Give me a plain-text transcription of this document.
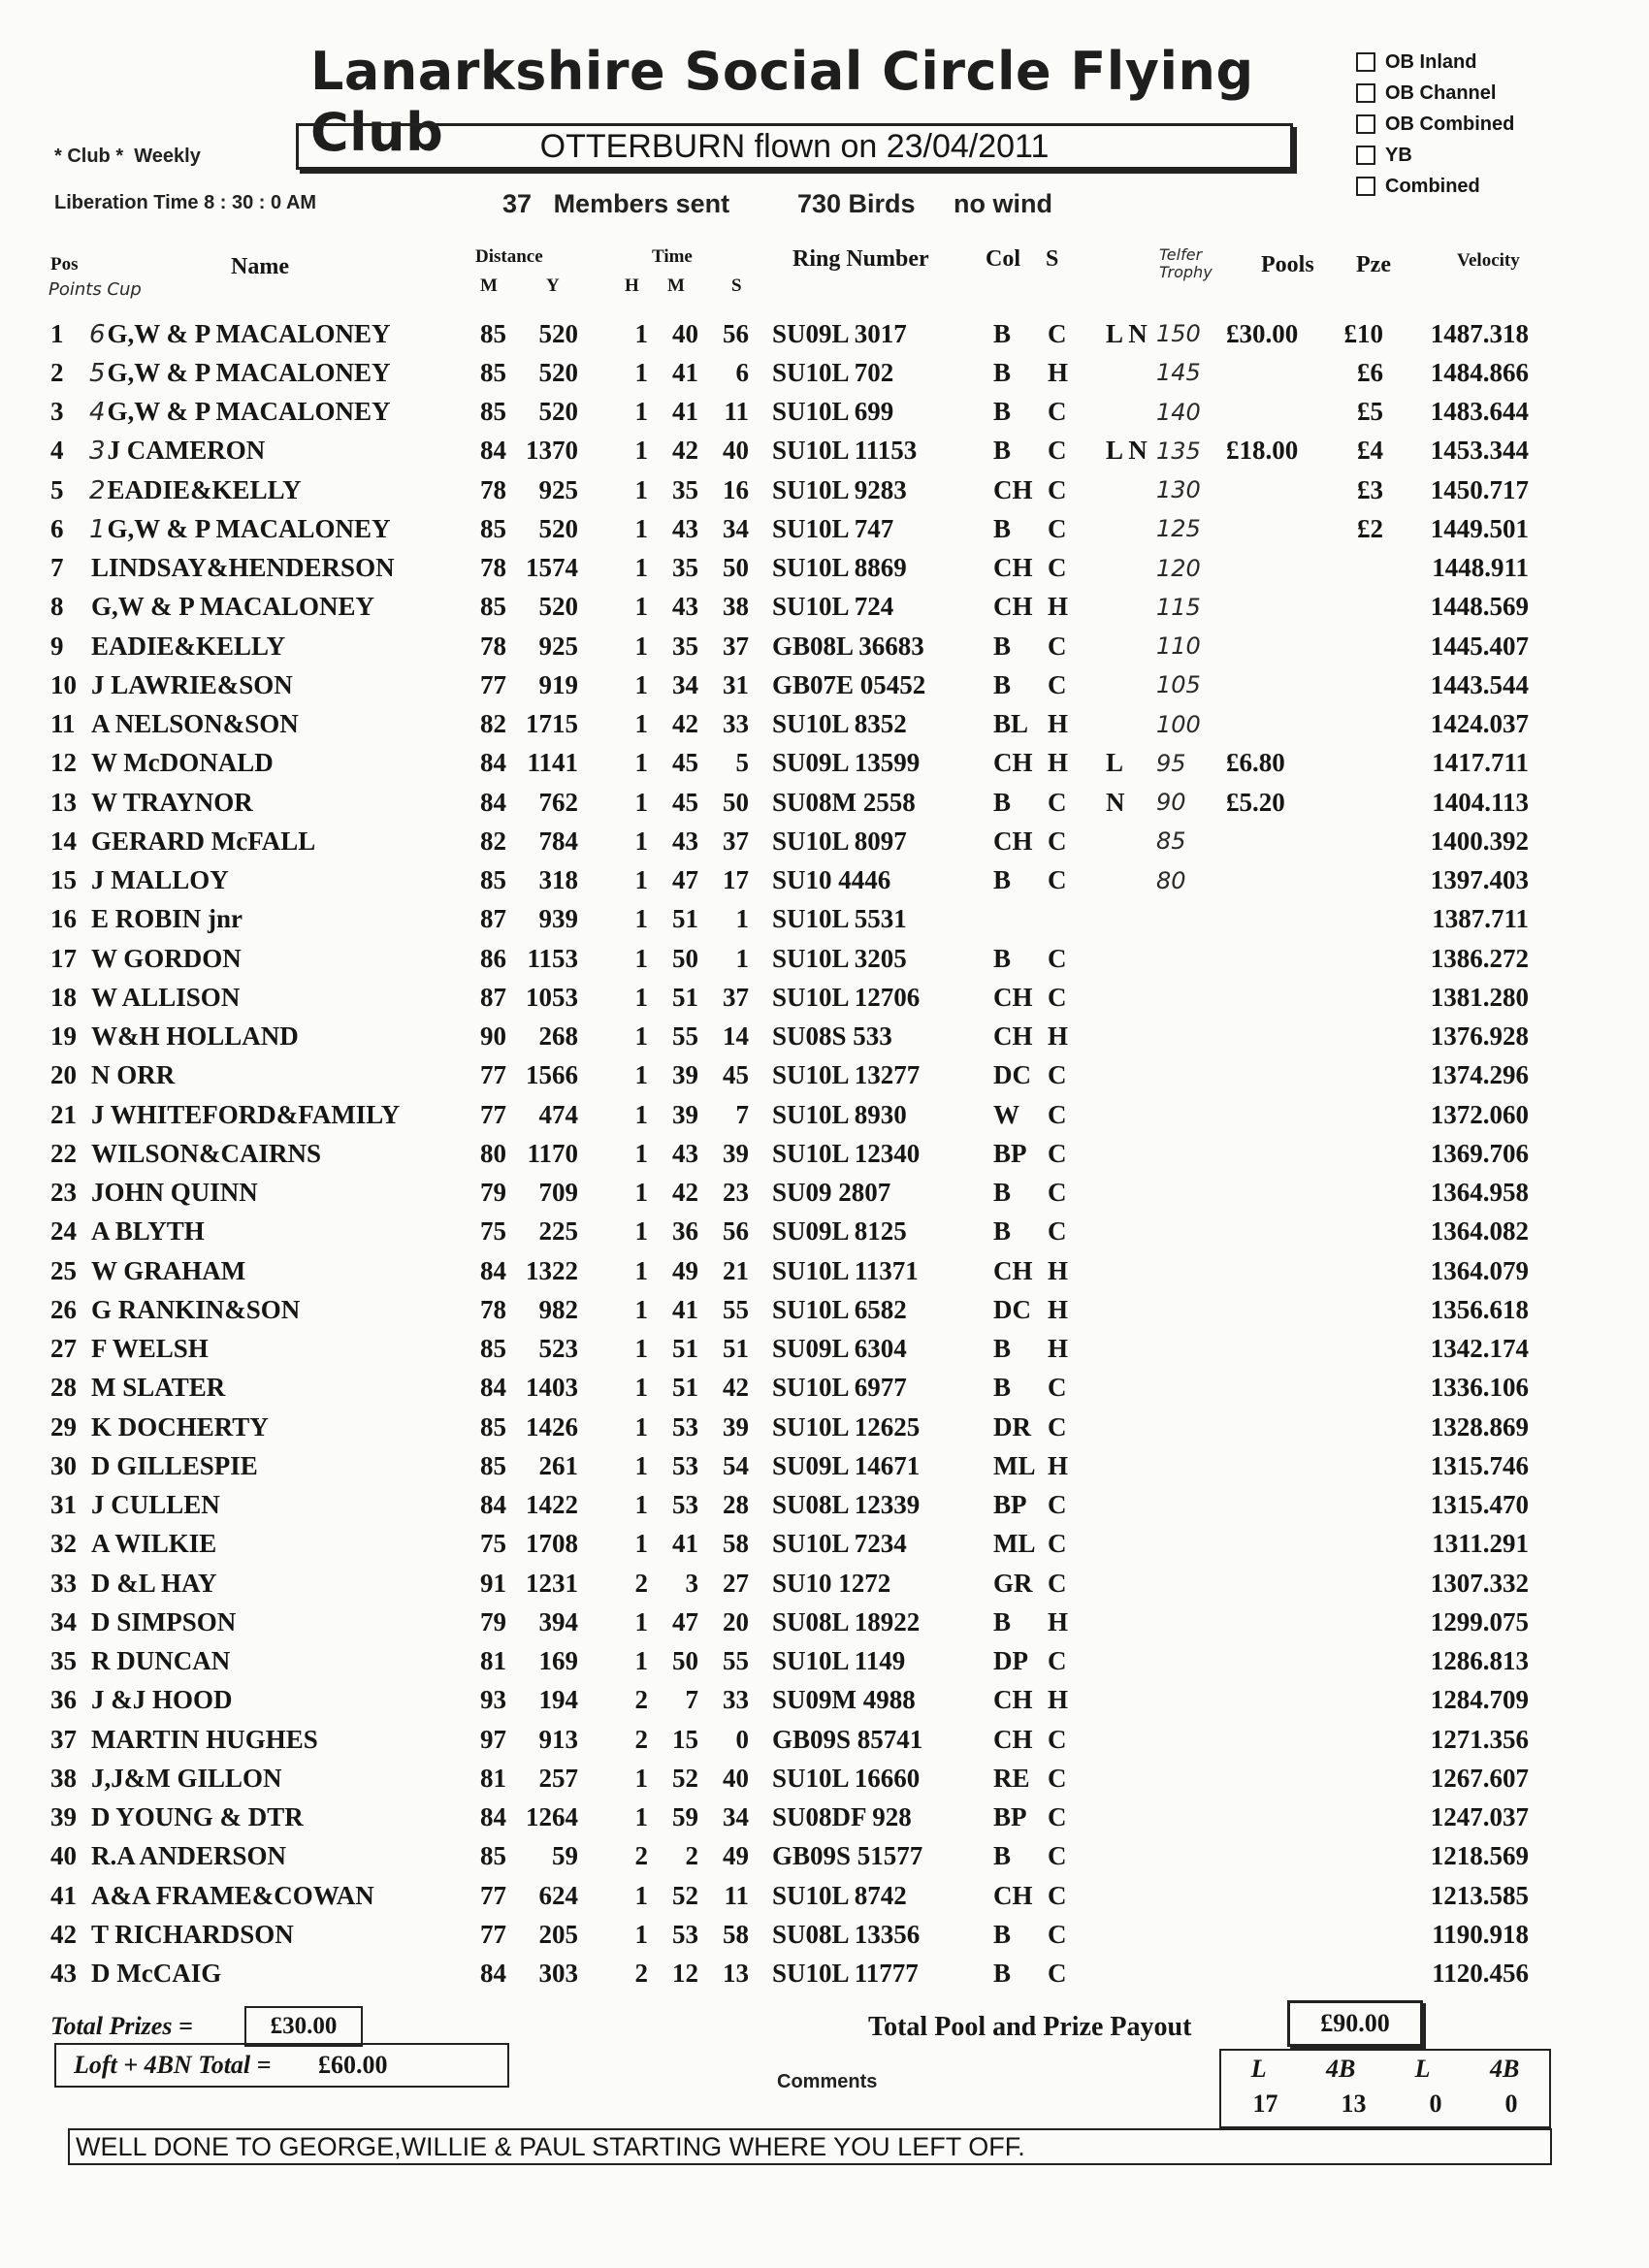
Lanarkshire Social Circle Flying Club
OB Inland
OB Channel
OB Combined
YB
Combined
* Club * Weekly	OTTERBURN flown on 23/04/2011
Liberation Time 8 : 30 : 0 AM	37 Members sent	730 Birds no wind
Pos
Points Cup
Name	Distance
M	Y
Time
H M	S
Ring Number Col S	Telfer Trophy	Pools Pze	Velocity
1	6G,W & P MACALONEY	85	520	1	40	56	SU09L 3017	B	C	L N	150	£30.00	£10	1487.318
2	5G,W & P MACALONEY	85	520	1	41	6	SU10L 702	B	H		145		£6	1484.866
3	4G,W & P MACALONEY	85	520	1	41	11	SU10L 699	B	C		140		£5	1483.644
4	3J CAMERON	84	1370	1	42	40	SU10L 11153	B	C	L N	135	£18.00	£4	1453.344
5	2EADIE&KELLY	78	925	1	35	16	SU10L 9283	CH	C		130		£3	1450.717
6	1G,W & P MACALONEY	85	520	1	43	34	SU10L 747	B	C		125		£2	1449.501
7	LINDSAY&HENDERSON	78	1574	1	35	50	SU10L 8869	CH	C		120			1448.911
8	G,W & P MACALONEY	85	520	1	43	38	SU10L 724	CH	H		115			1448.569
9	EADIE&KELLY	78	925	1	35	37	GB08L 36683	B	C		110			1445.407
10	J LAWRIE&SON	77	919	1	34	31	GB07E 05452	B	C		105			1443.544
11	A NELSON&SON	82	1715	1	42	33	SU10L 8352	BL	H		100			1424.037
12	W McDONALD	84	1141	1	45	5	SU09L 13599	CH	H	L	95	£6.80		1417.711
13	W TRAYNOR	84	762	1	45	50	SU08M 2558	B	C	N	90	£5.20		1404.113
14	GERARD McFALL	82	784	1	43	37	SU10L 8097	CH	C		85			1400.392
15	J MALLOY	85	318	1	47	17	SU10 4446	B	C		80			1397.403
16	E ROBIN jnr	87	939	1	51	1	SU10L 5531							1387.711
17	W GORDON	86	1153	1	50	1	SU10L 3205	B	C					1386.272
18	W ALLISON	87	1053	1	51	37	SU10L 12706	CH	C					1381.280
19	W&H HOLLAND	90	268	1	55	14	SU08S 533	CH	H					1376.928
20	N ORR	77	1566	1	39	45	SU10L 13277	DC	C					1374.296
21	J WHITEFORD&FAMILY	77	474	1	39	7	SU10L 8930	W	C					1372.060
22	WILSON&CAIRNS	80	1170	1	43	39	SU10L 12340	BP	C					1369.706
23	JOHN QUINN	79	709	1	42	23	SU09 2807	B	C					1364.958
24	A BLYTH	75	225	1	36	56	SU09L 8125	B	C					1364.082
25	W GRAHAM	84	1322	1	49	21	SU10L 11371	CH	H					1364.079
26	G RANKIN&SON	78	982	1	41	55	SU10L 6582	DC	H					1356.618
27	F WELSH	85	523	1	51	51	SU09L 6304	B	H					1342.174
28	M SLATER	84	1403	1	51	42	SU10L 6977	B	C					1336.106
29	K DOCHERTY	85	1426	1	53	39	SU10L 12625	DR	C					1328.869
30	D GILLESPIE	85	261	1	53	54	SU09L 14671	ML	H					1315.746
31	J CULLEN	84	1422	1	53	28	SU08L 12339	BP	C					1315.470
32	A WILKIE	75	1708	1	41	58	SU10L 7234	ML	C					1311.291
33	D &L HAY	91	1231	2	3	27	SU10 1272	GR	C					1307.332
34	D SIMPSON	79	394	1	47	20	SU08L 18922	B	H					1299.075
35	R DUNCAN	81	169	1	50	55	SU10L 1149	DP	C					1286.813
36	J &J HOOD	93	194	2	7	33	SU09M 4988	CH	H					1284.709
37	MARTIN HUGHES	97	913	2	15	0	GB09S 85741	CH	C					1271.356
38	J,J&M GILLON	81	257	1	52	40	SU10L 16660	RE	C					1267.607
39	D YOUNG & DTR	84	1264	1	59	34	SU08DF 928	BP	C					1247.037
40	R.A ANDERSON	85	59	2	2	49	GB09S 51577	B	C					1218.569
41	A&A FRAME&COWAN	77	624	1	52	11	SU10L 8742	CH	C					1213.585
42	T RICHARDSON	77	205	1	53	58	SU08L 13356	B	C					1190.918
43	D McCAIG	84	303	2	12	13	SU10L 11777	B	C					1120.456
Total Prizes =	£30.00
Loft + 4BN Total = £60.00
Total Pool and Prize Payout	£90.00
Comments	L 4B L 4B
17	13	0	0
WELL DONE TO GEORGE,WILLIE & PAUL STARTING WHERE YOU LEFT OFF.
